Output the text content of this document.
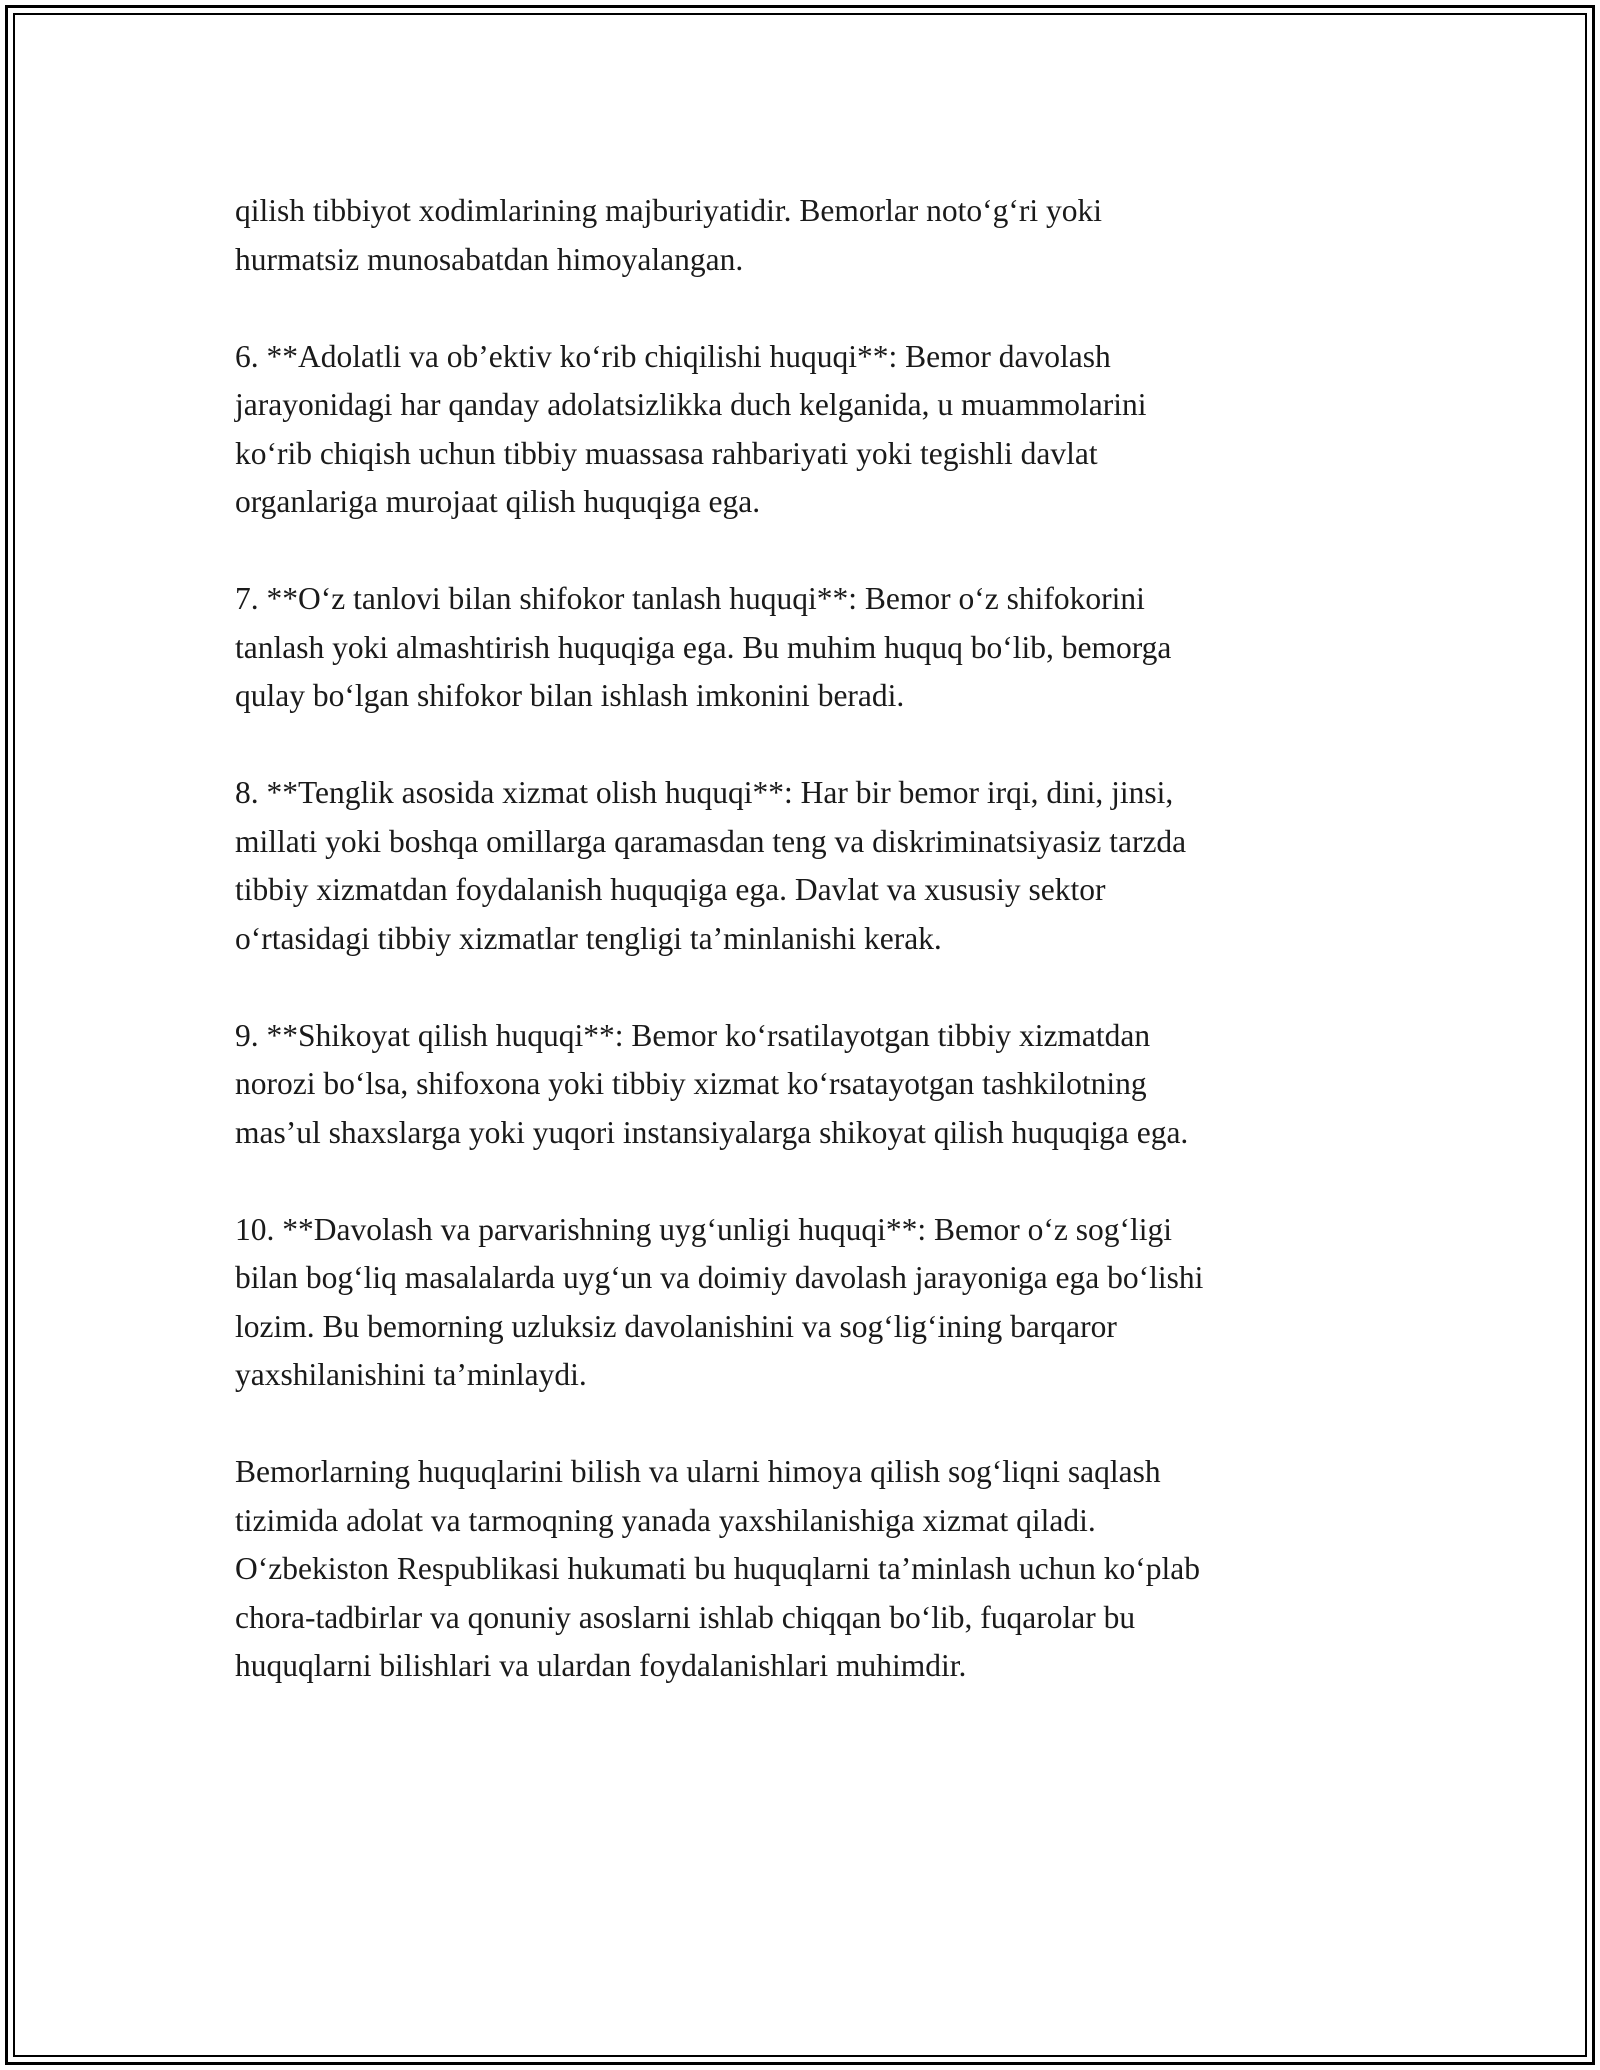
qilish tibbiyot xodimlarining majburiyatidir. Bemorlar noto‘g‘ri yoki
hurmatsiz munosabatdan himoyalangan.

6. **Adolatli va ob’ektiv ko‘rib chiqilishi huquqi**: Bemor davolash
jarayonidagi har qanday adolatsizlikka duch kelganida, u muammolarini
ko‘rib chiqish uchun tibbiy muassasa rahbariyati yoki tegishli davlat
organlariga murojaat qilish huquqiga ega.

7. **O‘z tanlovi bilan shifokor tanlash huquqi**: Bemor o‘z shifokorini
tanlash yoki almashtirish huquqiga ega. Bu muhim huquq bo‘lib, bemorga
qulay bo‘lgan shifokor bilan ishlash imkonini beradi.

8. **Tenglik asosida xizmat olish huquqi**: Har bir bemor irqi, dini, jinsi,
millati yoki boshqa omillarga qaramasdan teng va diskriminatsiyasiz tarzda
tibbiy xizmatdan foydalanish huquqiga ega. Davlat va xususiy sektor
o‘rtasidagi tibbiy xizmatlar tengligi ta’minlanishi kerak.

9. **Shikoyat qilish huquqi**: Bemor ko‘rsatilayotgan tibbiy xizmatdan
norozi bo‘lsa, shifoxona yoki tibbiy xizmat ko‘rsatayotgan tashkilotning
mas’ul shaxslarga yoki yuqori instansiyalarga shikoyat qilish huquqiga ega.

10. **Davolash va parvarishning uyg‘unligi huquqi**: Bemor o‘z sog‘ligi
bilan bog‘liq masalalarda uyg‘un va doimiy davolash jarayoniga ega bo‘lishi
lozim. Bu bemorning uzluksiz davolanishini va sog‘lig‘ining barqaror
yaxshilanishini ta’minlaydi.

Bemorlarning huquqlarini bilish va ularni himoya qilish sog‘liqni saqlash
tizimida adolat va tarmoqning yanada yaxshilanishiga xizmat qiladi.
O‘zbekiston Respublikasi hukumati bu huquqlarni ta’minlash uchun ko‘plab
chora-tadbirlar va qonuniy asoslarni ishlab chiqqan bo‘lib, fuqarolar bu
huquqlarni bilishlari va ulardan foydalanishlari muhimdir.
